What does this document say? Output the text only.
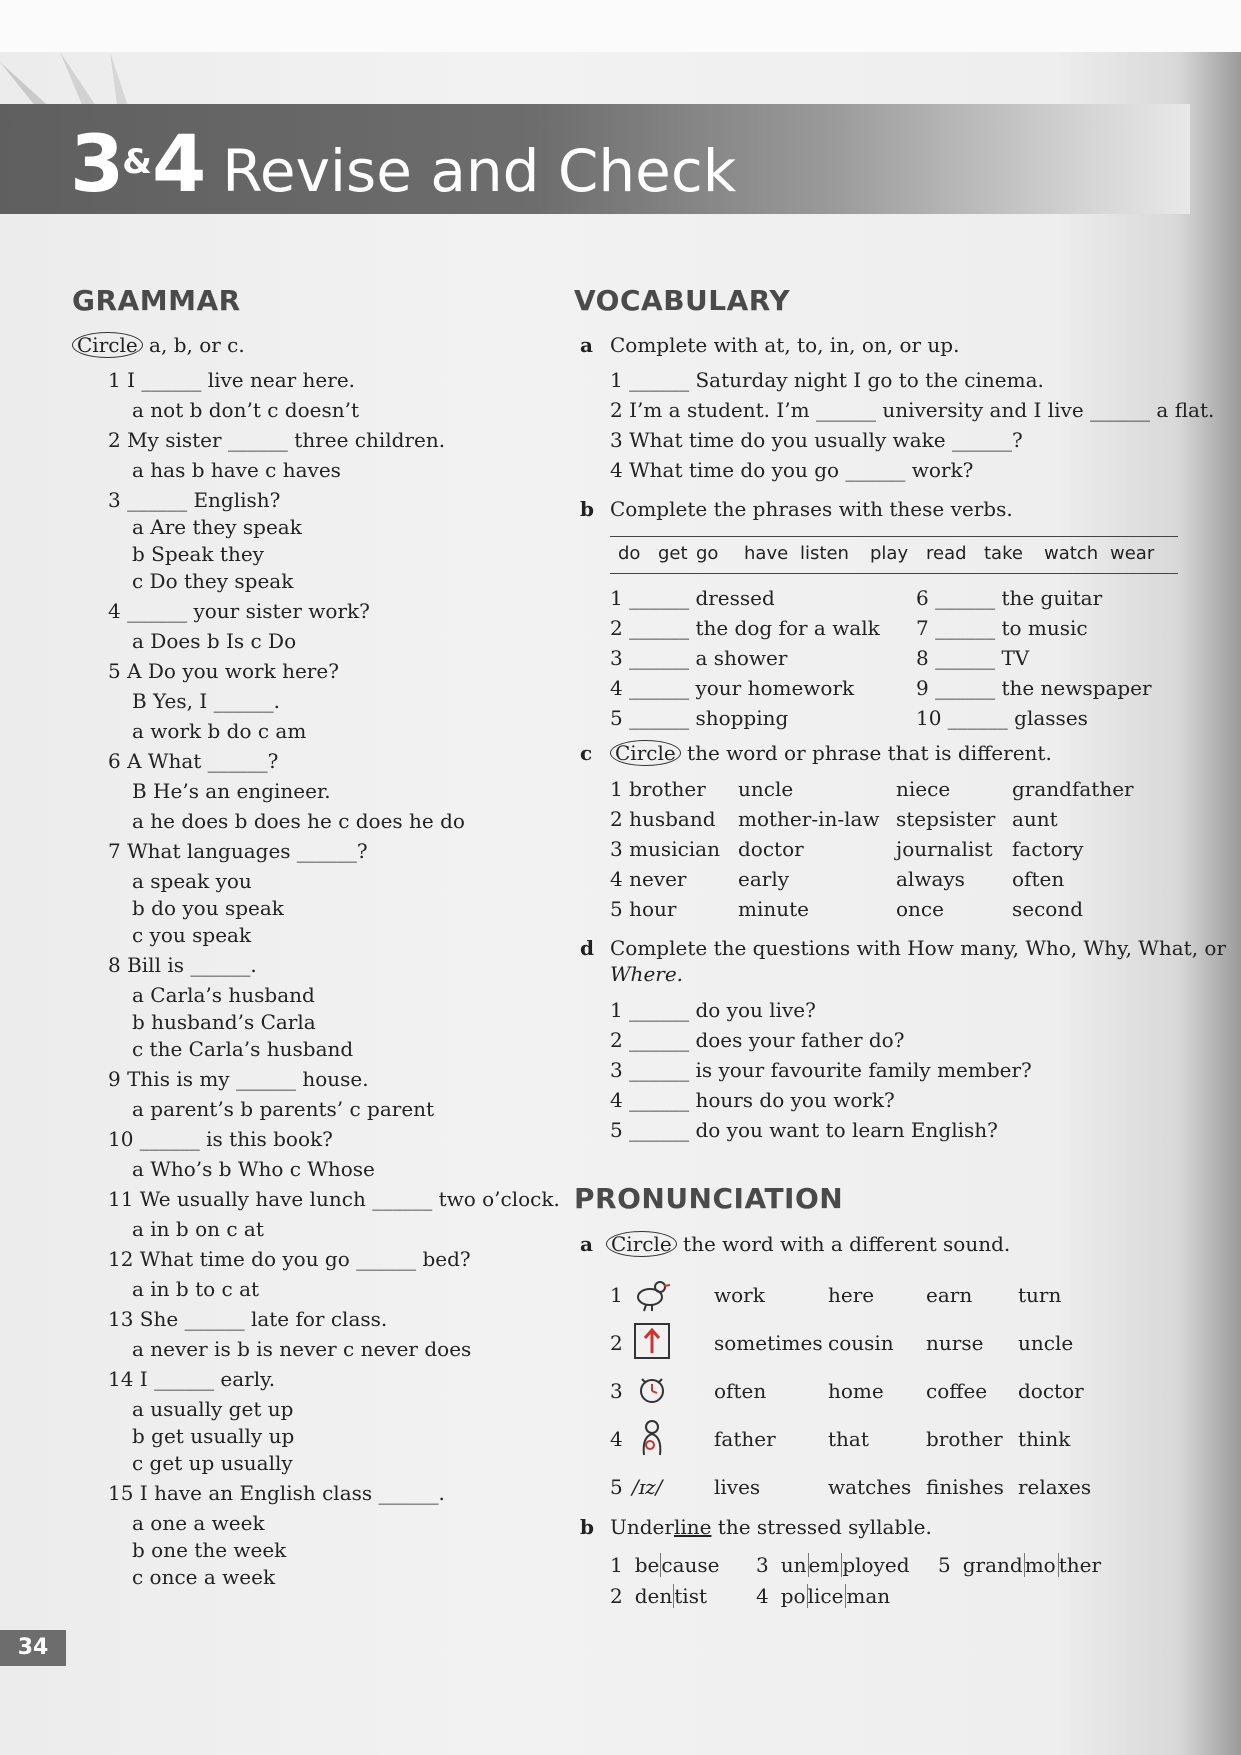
3&4 Revise and Check
GRAMMAR
Circle a, b, or c.
1 I ______ live near here.
a not b don’t c doesn’t
2 My sister ______ three children.
a has b have c haves
3 ______ English?
a Are they speak
b Speak they
c Do they speak
4 ______ your sister work?
a Does b Is c Do
5 A Do you work here?
B Yes, I ______.
a work b do c am
6 A What ______?
B He’s an engineer.
a he does b does he c does he do
7 What languages ______?
a speak you
b do you speak
c you speak
8 Bill is ______.
a Carla’s husband
b husband’s Carla
c the Carla’s husband
9 This is my ______ house.
a parent’s b parents’ c parent
10 ______ is this book?
a Who’s b Who c Whose
11 We usually have lunch ______ two o’clock.
a in b on c at
12 What time do you go ______ bed?
a in b to c at
13 She ______ late for class.
a never is b is never c never does
14 I ______ early.
a usually get up
b get usually up
c get up usually
15 I have an English class ______.
a one a week
b one the week
c once a week
VOCABULARY
a Complete with at, to, in, on, or up.
1 ______ Saturday night I go to the cinema.
2 I’m a student. I’m ______ university and I live ______ a flat.
3 What time do you usually wake ______?
4 What time do you go ______ work?
b Complete the phrases with these verbs.
do get go have listen play read take watch wear
1 ______ dressed	6 ______ the guitar
2 ______ the dog for a walk 7 ______ to music
3 ______ a shower	8 ______ TV
4 ______ your homework	9 ______ the newspaper
5 ______ shopping	10 ______ glasses
c Circle the word or phrase that is different.
1 brother uncle	niece	grandfather
2 husband mother-in-law stepsister aunt
3 musician doctor	journalist factory
4 never	early	always often
5 hour	minute	once	second
d Complete the questions with How many, Who, Why, What, or
Where.
1 ______ do you live?
2 ______ does your father do?
3 ______ is your favourite family member?
4 ______ hours do you work?
5 ______ do you want to learn English?
PRONUNCIATION
a Circle the word with a different sound.
1	work	here	earn turn
2	sometimes cousin nurse uncle
3	often	home coffee doctor
4	father	that	brother think
5 /ɪz/	lives	watches finishes relaxes
b Underline the stressed syllable.
1 be cause 3 un em ployed 5 grand mo ther
2 den tist 4 po lice man
34
